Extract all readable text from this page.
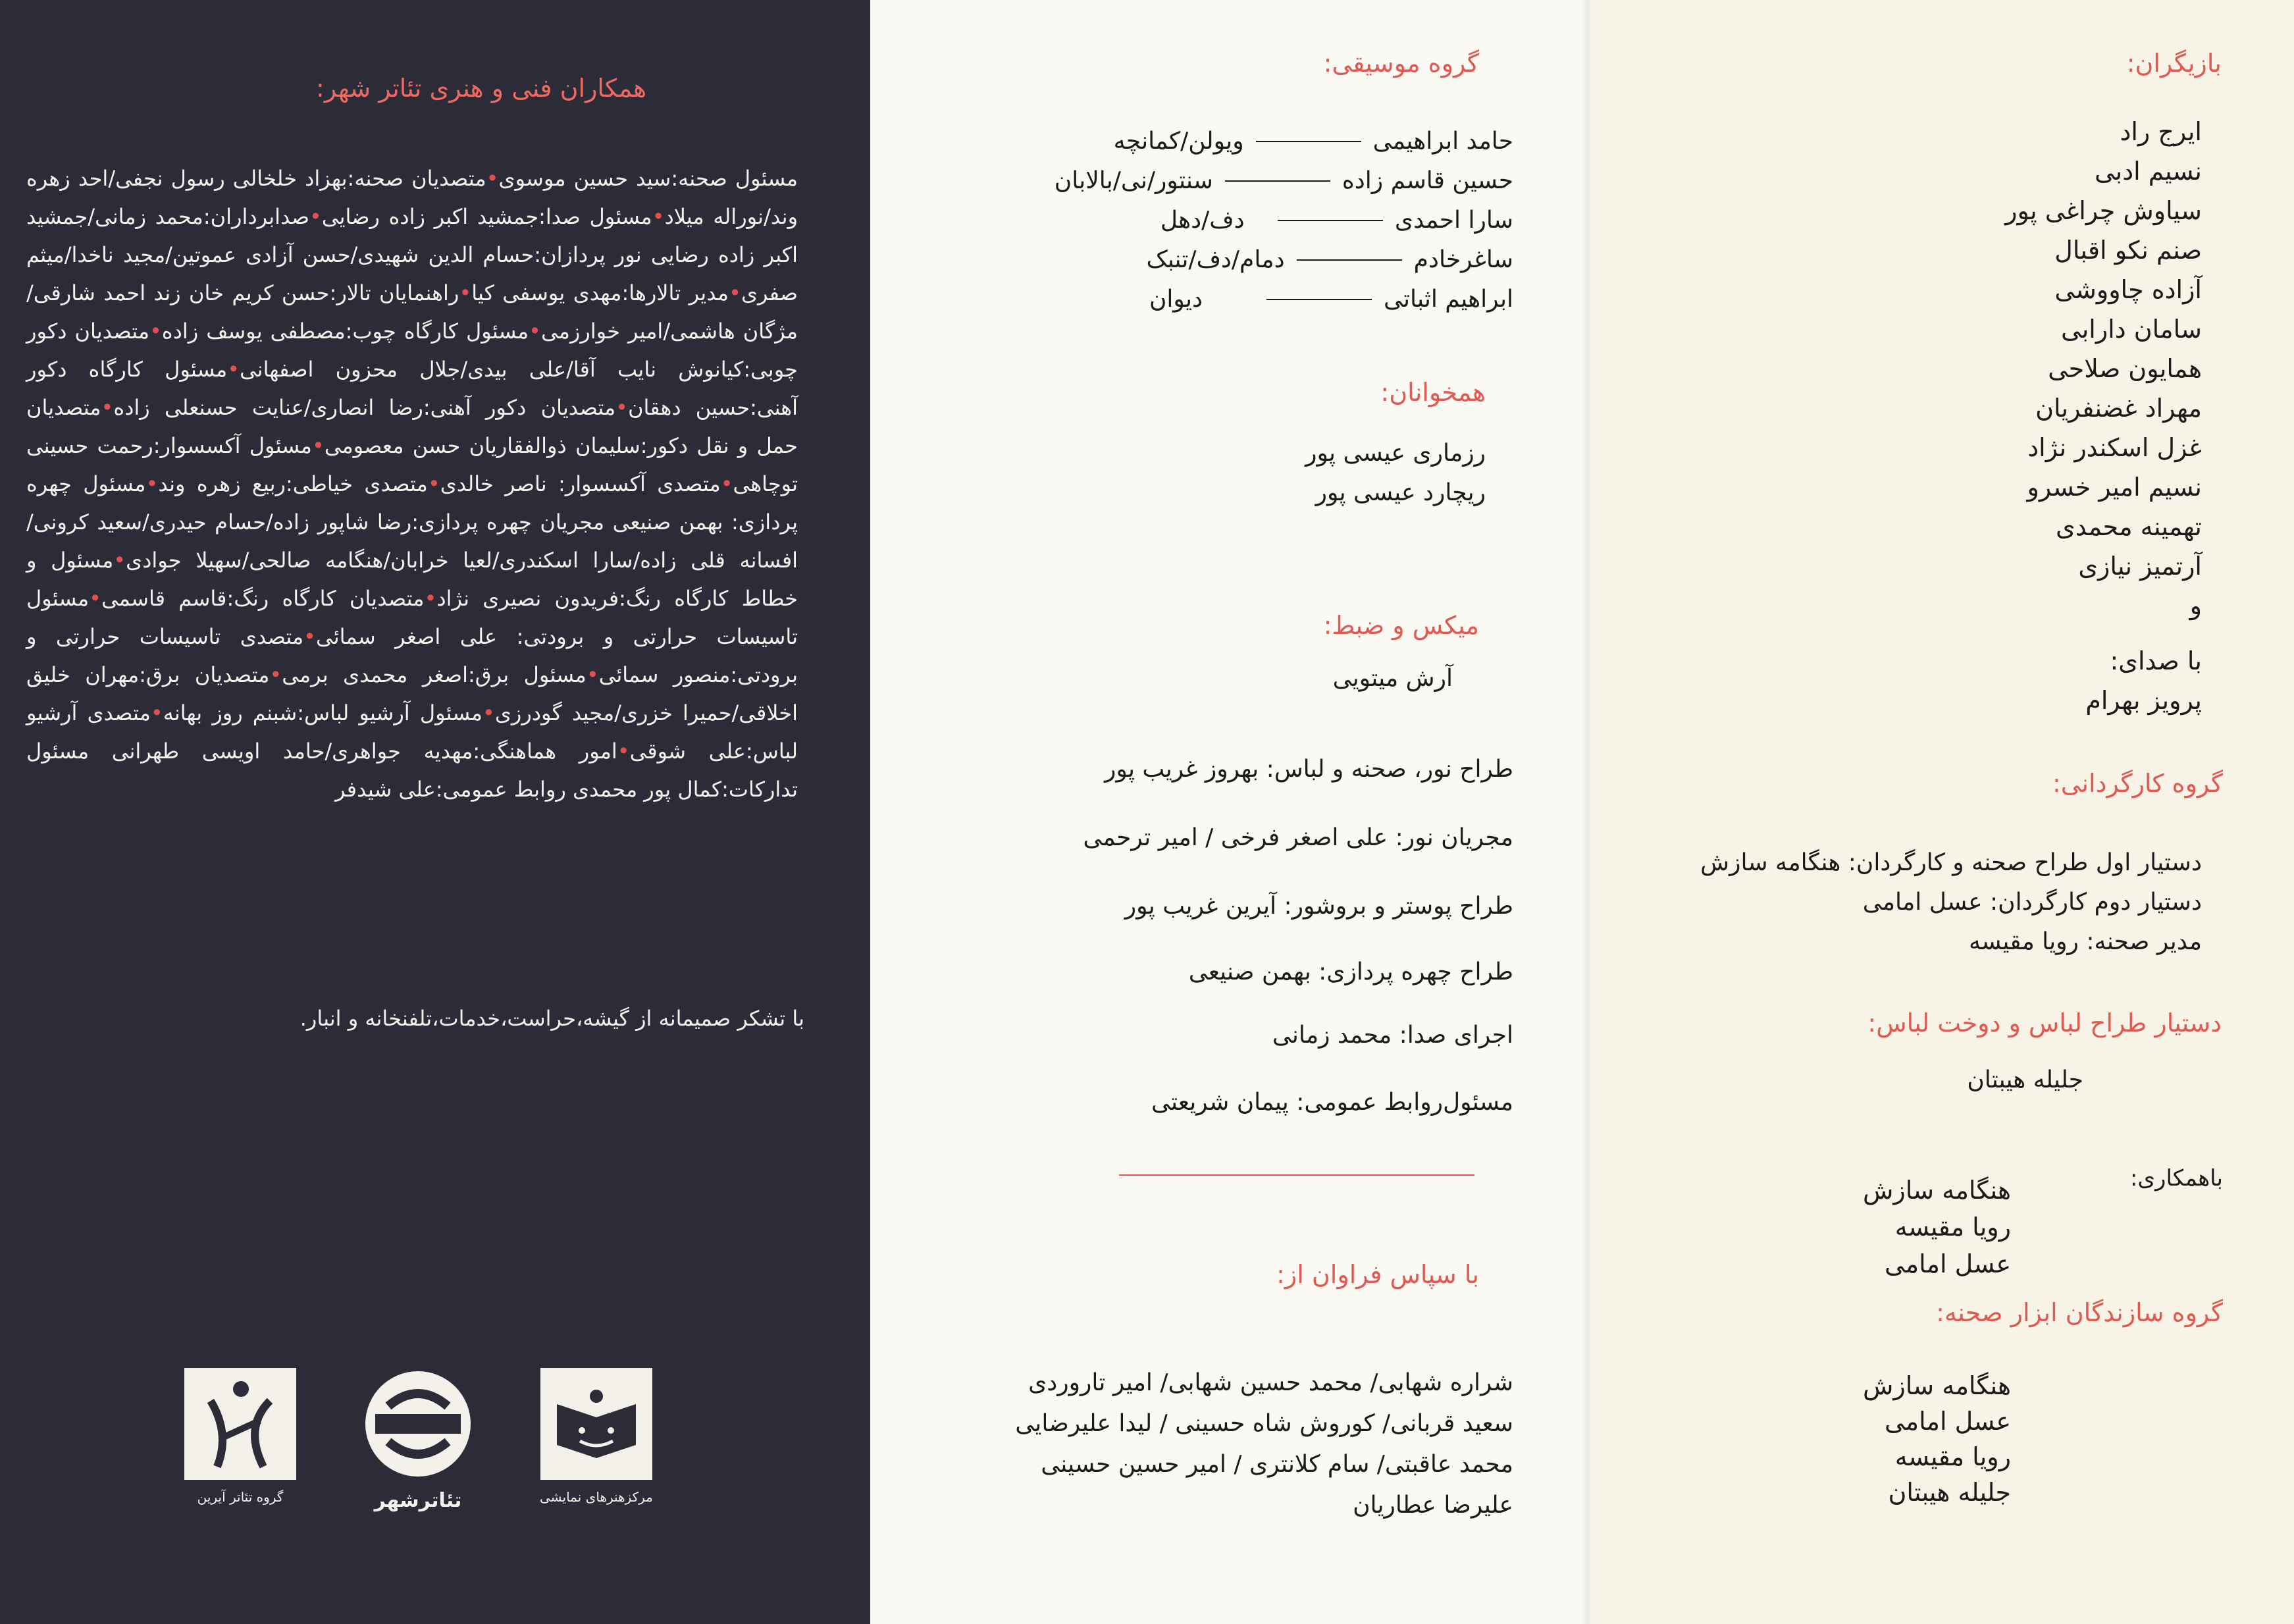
همکاران فنی و هنری تئاتر شهر:
مسئول صحنه:سید حسین موسوی•متصدیان صحنه:بهزاد خلخالی رسول نجفی/احد زهره وند/نوراله میلاد•مسئول صدا:جمشید اکبر زاده رضایی•صدابرداران:محمد زمانی/جمشید اکبر زاده رضایی نور پردازان:حسام الدین شهیدی/حسن آزادی عموتین/مجید ناخدا/میثم صفری•مدیر تالارها:مهدی یوسفی کیا•راهنمایان تالار:حسن کریم خان زند احمد شارقی/مژگان هاشمی/امیر خوارزمی•مسئول کارگاه چوب:مصطفی یوسف زاده•متصدیان دکور چوبی:کیانوش نایب آقا/علی بیدی/جلال محزون اصفهانی•مسئول کارگاه دکور آهنی:حسین دهقان•متصدیان دکور آهنی:رضا انصاری/عنایت حسنعلی زاده•متصدیان حمل و نقل دکور:سلیمان ذوالفقاریان حسن معصومی•مسئول آکسسوار:رحمت حسینی توچاهی•متصدی آکسسوار: ناصر خالدی•متصدی خیاطی:ربیع زهره وند•مسئول چهره پردازی: بهمن صنیعی مجریان چهره پردازی:رضا شاپور زاده/حسام حیدری/سعید کرونی/افسانه قلی زاده/سارا اسکندری/لعیا خرابان/هنگامه صالحی/سهیلا جوادی•مسئول و خطاط کارگاه رنگ:فریدون نصیری نژاد•متصدیان کارگاه رنگ:قاسم قاسمی•مسئول تاسیسات حرارتی و برودتی: علی اصغر سمائی•متصدی تاسیسات حرارتی و برودتی:منصور سمائی•مسئول برق:اصغر محمدی برمی•متصدیان برق:مهران خلیق اخلاقی/حمیرا خزری/مجید گودرزی•مسئول آرشیو لباس:شبنم روز بهانه•متصدی آرشیو لباس:علی شوقی•امور هماهنگی:مهدیه جواهری/حامد اویسی طهرانی مسئول تدارکات:کمال پور محمدی روابط عمومی:علی شیدفر
با تشکر صمیمانه از گیشه،حراست،خدمات،تلفنخانه و انبار.
مرکزهنرهای نمایشی
تئاترشهر
گروه تئاتر آیرین
گروه موسیقی:
حامد ابراهیمی
ویولن/کمانچه
حسین قاسم زاده
سنتور/نی/بالابان
سارا احمدی
دف/دهل
ساغرخادم
دمام/دف/تنبک
ابراهیم اثباتی
دیوان
همخوانان:
رزماری عیسی پور
ریچارد عیسی پور
میکس و ضبط:
آرش میتویی
طراح نور، صحنه و لباس: بهروز غریب پور
مجریان نور: علی اصغر فرخی / امیر ترحمی
طراح پوستر و بروشور: آیرین غریب پور
طراح چهره پردازی: بهمن صنیعی
اجرای صدا: محمد زمانی
مسئول‌روابط عمومی: پیمان شریعتی
با سپاس فراوان از:
شراره شهابی/ محمد حسین شهابی/ امیر تاروردی
سعید قربانی/ کوروش شاه حسینی / لیدا علیرضایی
محمد عاقبتی/ سام کلانتری / امیر حسین حسینی
علیرضا عطاریان
بازیگران:
ایرج راد
نسیم ادبی
سیاوش چراغی پور
صنم نکو اقبال
آزاده چاووشی
سامان دارابی
همایون صلاحی
مهراد غضنفریان
غزل اسکندر نژاد
نسیم امیر خسرو
تهمینه محمدی
آرتمیز نیازی
و
با صدای:
پرویز بهرام
گروه کارگردانی:
دستیار اول طراح صحنه و کارگردان: هنگامه سازش
دستیار دوم کارگردان: عسل امامی
مدیر صحنه: رویا مقیسه
دستیار طراح لباس و دوخت لباس:
جلیله هیبتان
باهمکاری:
هنگامه سازش
رویا مقیسه
عسل امامی
گروه سازندگان ابزار صحنه:
هنگامه سازش
عسل امامی
رویا مقیسه
جلیله هیبتان
